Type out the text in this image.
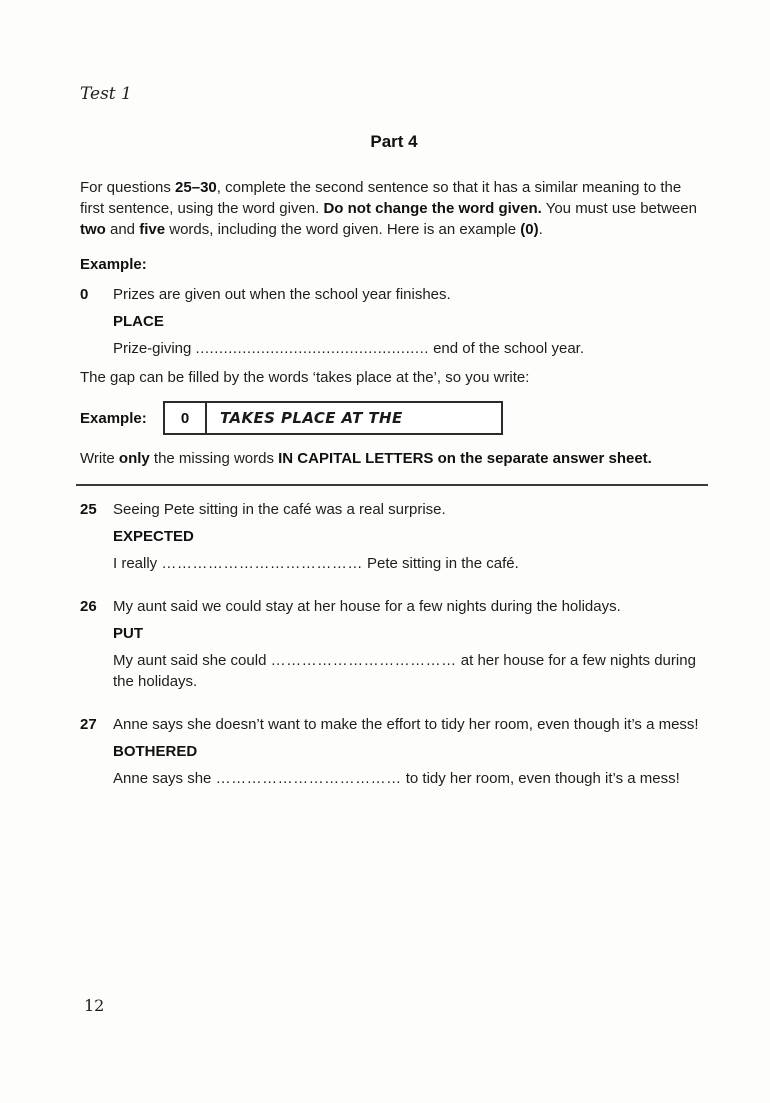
Test 1
Part 4

For questions 25–30, complete the second sentence so that it has a similar meaning to the first sentence, using the word given. Do not change the word given. You must use between two and five words, including the word given. Here is an example (0).

Example:

0	Prizes are given out when the school year finishes.

PLACE

Prize-giving .................................................. end of the school year.

The gap can be filled by the words ‘takes place at the’, so you write:

Example:	0	TAKES PLACE AT THE

Write only the missing words IN CAPITAL LETTERS on the separate answer sheet.

25	Seeing Pete sitting in the café was a real surprise.

EXPECTED

I really ………………………………… Pete sitting in the café.

26	My aunt said we could stay at her house for a few nights during the holidays.

PUT

My aunt said she could ……………………………… at her house for a few nights during the holidays.

27	Anne says she doesn’t want to make the effort to tidy her room, even though it’s a mess!

BOTHERED

Anne says she ……………………………… to tidy her room, even though it’s a mess!

12
